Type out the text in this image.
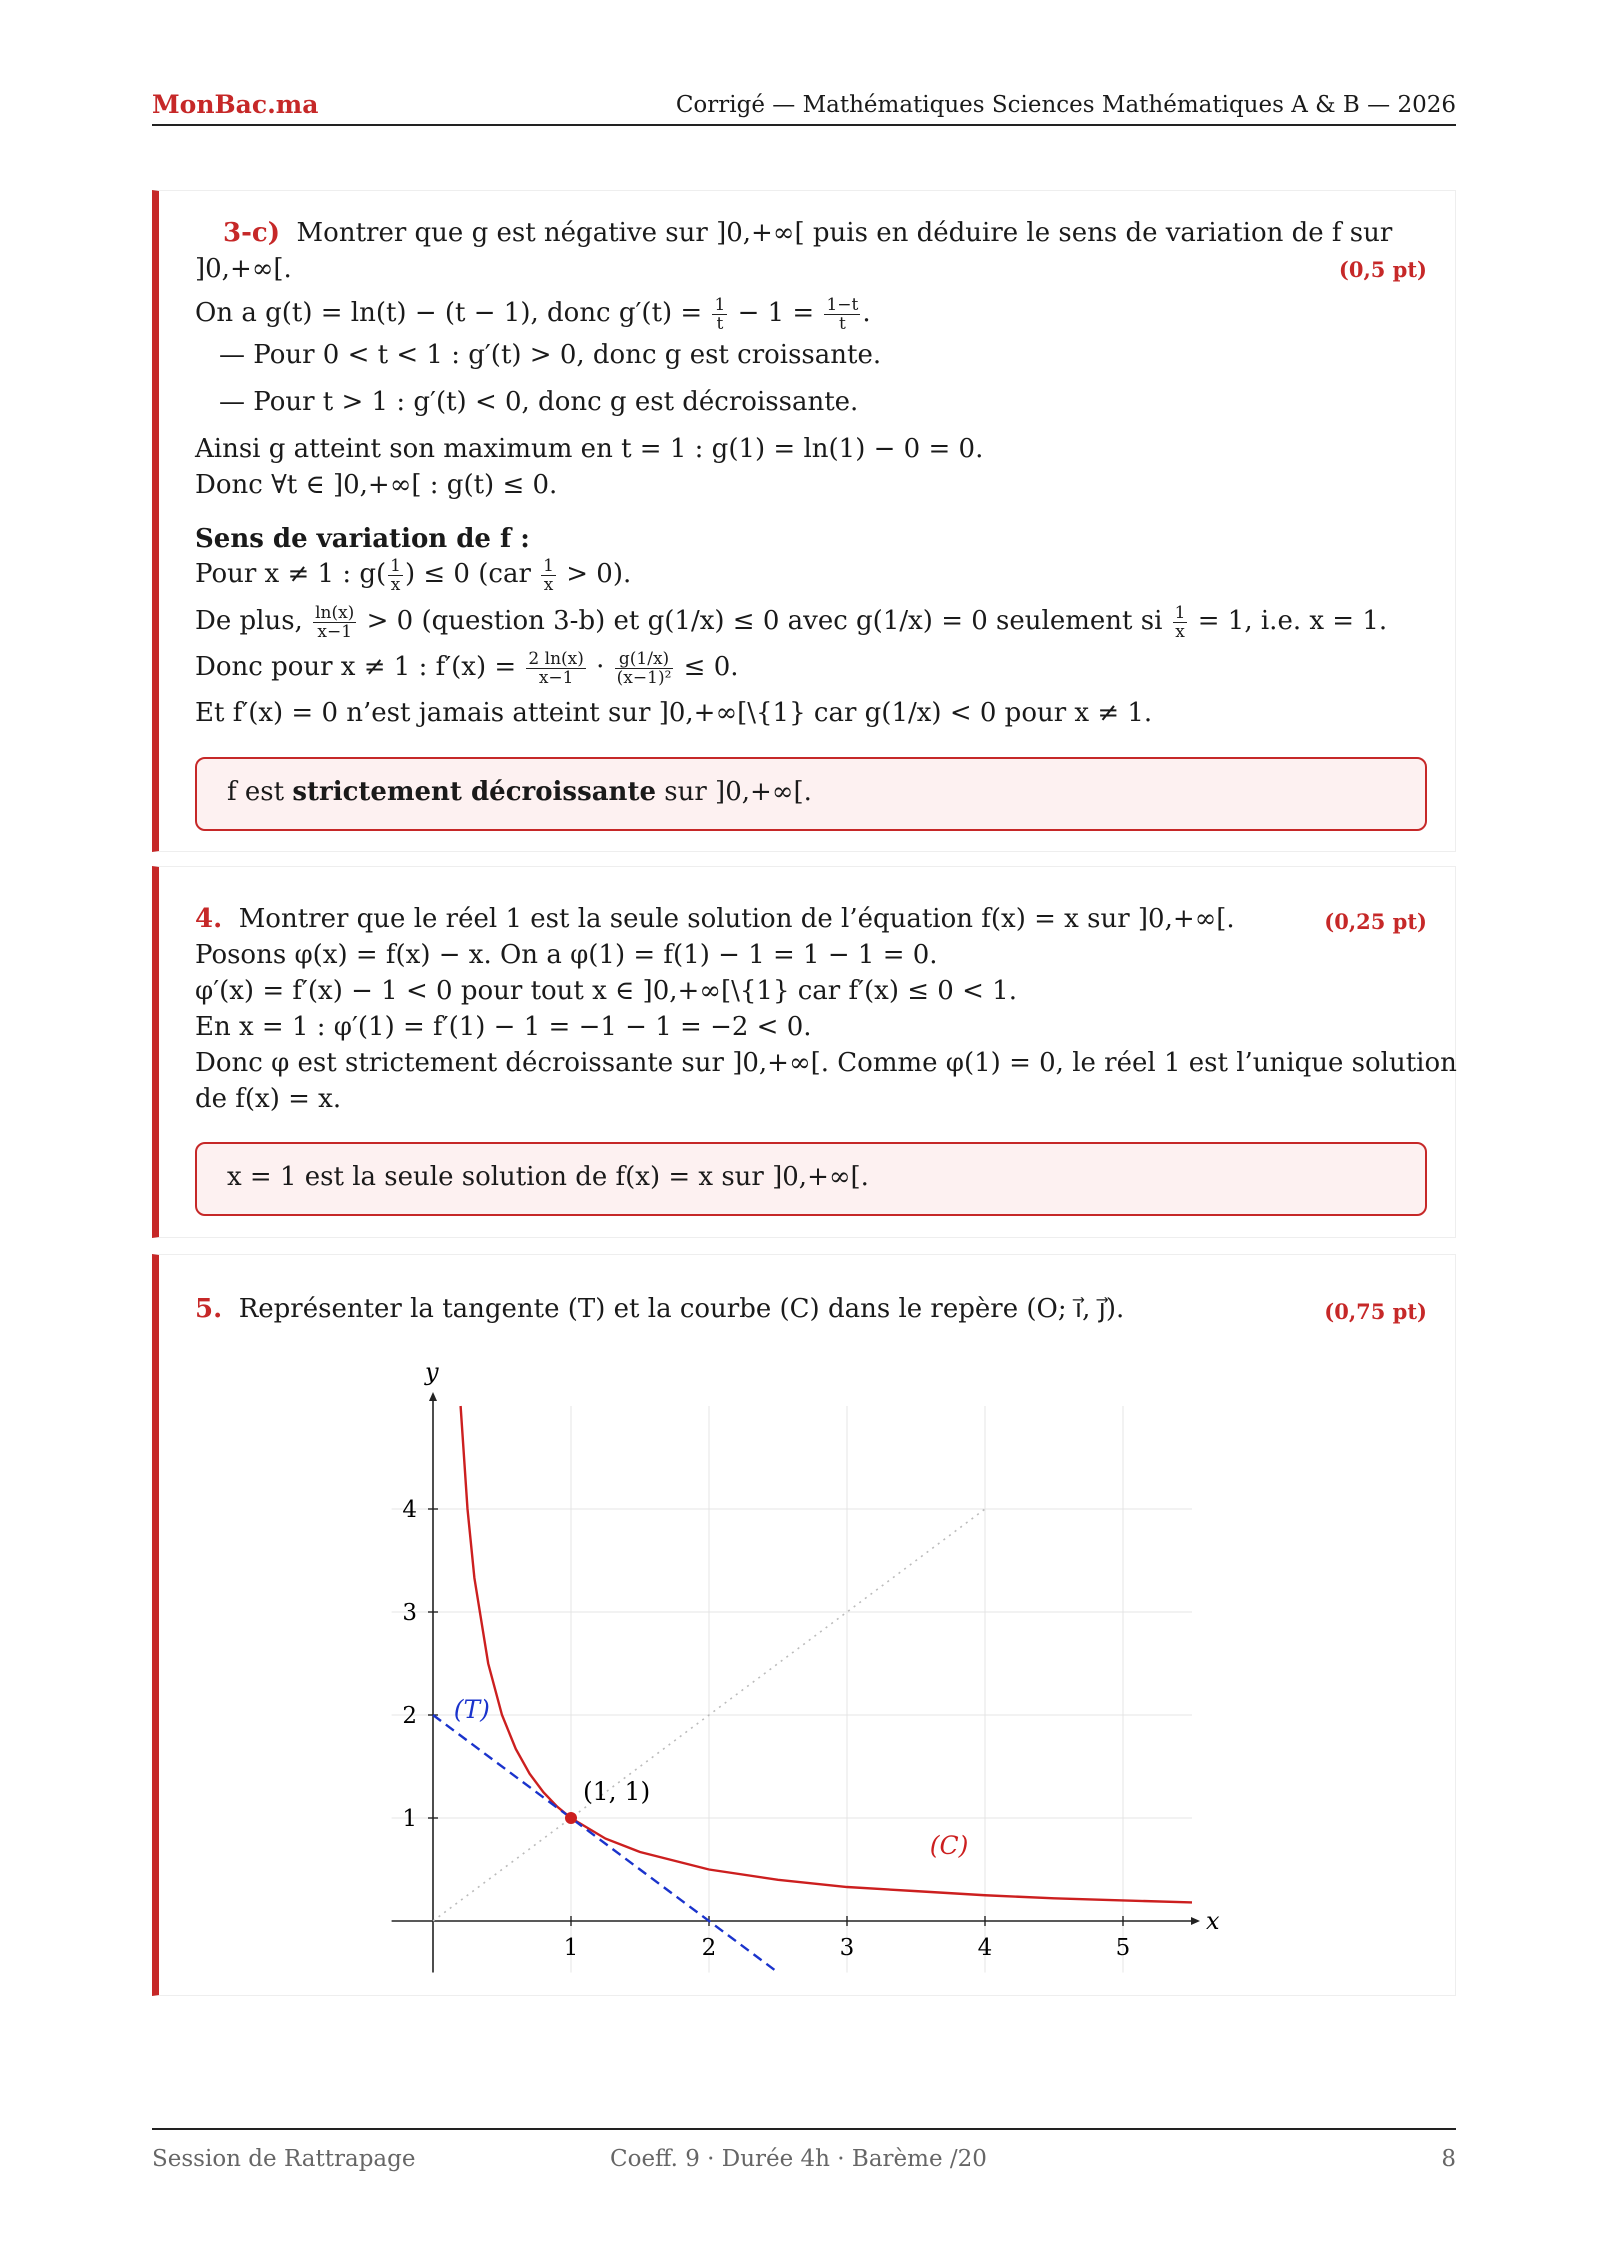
MonBac.ma	Corrigé — Mathématiques Sciences Mathématiques A & B — 2026
3-c) Montrer que g est négative sur ]0,+∞[ puis en déduire le sens de variation de f sur
]0,+∞[.	(0,5 pt)
On a g(t) = ln(t) − (t − 1), donc $g'(t) = \frac{1}{t} - 1 = \frac{1-t}{t}$ .
— Pour 0 < t < 1 : g′(t) > 0, donc g est croissante.
— Pour t > 1 : g′(t) < 0, donc g est décroissante.
Ainsi g atteint son maximum en t = 1 : g(1) = ln(1) − 0 = 0.
Donc ∀t ∈ ]0,+∞[ : g(t) ≤ 0.
Sens de variation de f :
Pour x ≠ 1 : $g( \frac{1}{x}$ ) ≤ 0 $(car \frac{1}{x} > 0)$.
De plus, $\frac{\ln(x)}{x-1} > 0$ (question 3-b) et g(1/x) ≤ 0 avec g(1/x) = 0 seulement si $\frac{1}{x} = 1$, i.e. x = 1.
Donc pour x ≠ 1 : $f'(x) = \frac{2 \ln(x)}{x-1} \cdot \frac{g(1/x)}{\text{(x−1)²}} \le 0$.
Et f′(x) = 0 n’est jamais atteint sur ]0,+∞[\{1} car g(1/x) < 0 pour x ≠ 1.
f est strictement décroissante sur ]0,+∞[.
4. Montrer que le réel 1 est la seule solution de l’équation f(x) = x sur ]0,+∞[.	(0,25 pt)
Posons φ(x) = f(x) − x. On a φ(1) = f(1) − 1 = 1 − 1 = 0.
φ′(x) = f′(x) − 1 < 0 pour tout x ∈ ]0,+∞[\{1} car f′(x) ≤ 0 < 1.
En x = 1 : φ′(1) = f′(1) − 1 = −1 − 1 = −2 < 0.
Donc φ est strictement décroissante sur ]0,+∞[. Comme φ(1) = 0, le réel 1 est l’unique solution
de f(x) = x.
x = 1 est la seule solution de f(x) = x sur ]0,+∞[.
5. Représenter la tangente (T) et la courbe (C) dans le repère (O; i⃗, j⃗).	(0,75 pt)
x
y
1	2	3	4	5
1
2
3
4
(1, 1)
(T)
(C)
Session de Rattrapage	Coeff. 9 · Durée 4h · Barème /20	8
